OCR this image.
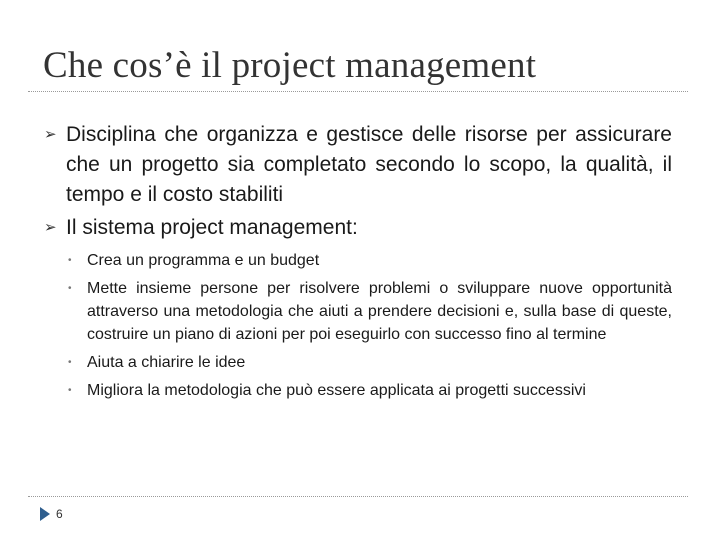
Che cos’è il project management
➢ Disciplina che organizza e gestisce delle risorse per assicurare che un progetto sia completato secondo lo scopo, la qualità, il tempo e il costo stabiliti
➢ Il sistema project management:
• Crea un programma e un budget
• Mette insieme persone per risolvere problemi o sviluppare nuove opportunità attraverso una metodologia che aiuti a prendere decisioni e, sulla base di queste, costruire un piano di azioni per poi eseguirlo con successo fino al termine
• Aiuta a chiarire le idee
• Migliora la metodologia che può essere applicata ai progetti successivi
6
